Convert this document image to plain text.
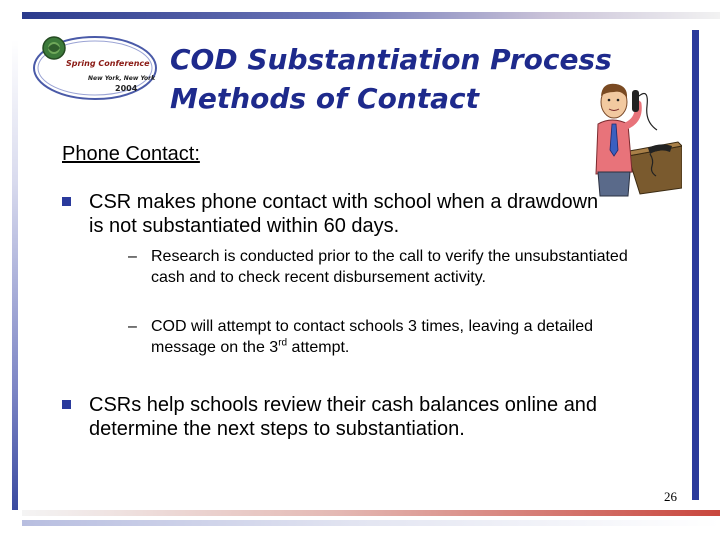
Spring Conference
New York, New York
2004
COD Substantiation Process
Methods of Contact
Phone Contact:
CSR makes phone contact with school when a drawdown is not substantiated within 60 days.
– Research is conducted prior to the call to verify the unsubstantiated cash and to check recent disbursement activity.
– COD will attempt to contact schools 3 times, leaving a detailed message on the 3rd attempt.
CSRs help schools review their cash balances online and determine the next steps to substantiation.
26
